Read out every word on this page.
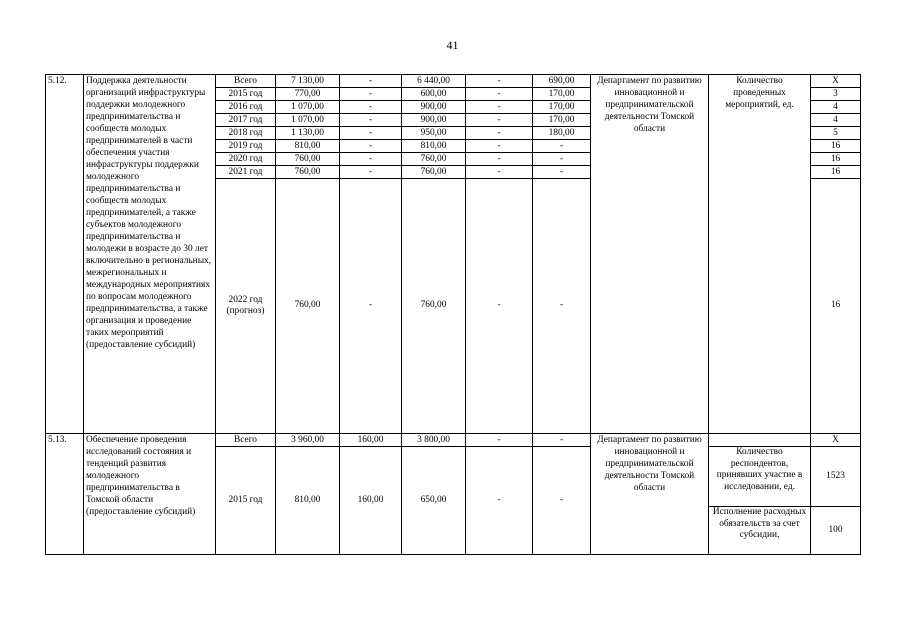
41
5.12.	Поддержка деятельности организаций инфраструктуры поддержки молодежного предпринимательства и сообществ молодых предпринимателей в части обеспечения участия инфраструктуры поддержки молодежного предпринимательства и сообществ молодых предпринимателей, а также субъектов молодежного предпринимательства и молодежи в возрасте до 30 лет включительно в региональных, межрегиональных и международных мероприятиях по вопросам молодежного предпринимательства, а также организация и проведение таких мероприятий (предоставление субсидий)	Всего	7 130,00	-	6 440,00	-	690,00	Департамент по развитию инновационной и предпринимательской деятельности Томской области	Количество проведенных мероприятий, ед.	Х
		2015 год	770,00	-	600,00	-	170,00			3
		2016 год	1 070,00	-	900,00	-	170,00			4
		2017 год	1 070,00	-	900,00	-	170,00			4
		2018 год	1 130,00	-	950,00	-	180,00			5
		2019 год	810,00	-	810,00	-	-			16
		2020 год	760,00	-	760,00	-	-			16
		2021 год	760,00	-	760,00	-	-			16
		2022 год (прогноз)	760,00	-	760,00	-	-			16
5.13.	Обеспечение проведения исследований состояния и тенденций развития молодежного предпринимательства в Томской области (предоставление субсидий)	Всего	3 960,00	160,00	3 800,00	-	-	Департамент по развитию инновационной и предпринимательской деятельности Томской области		Х
		2015 год	810,00	160,00	650,00	-	-		Количество респондентов, принявших участие в исследовании, ед.	1523
									Исполнение расходных обязательств за счет субсидии,	100
